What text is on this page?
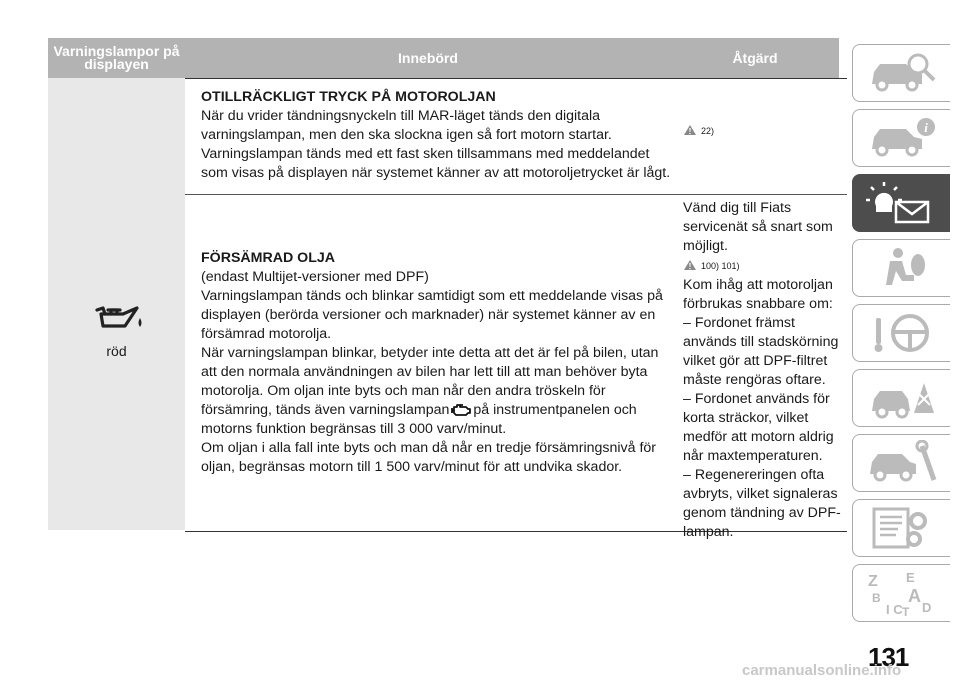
Varningslampor på displayen	Innebörd	Åtgärd
röd
OTILLRÄCKLIGT TRYCK PÅ MOTOROLJAN
När du vrider tändningsnyckeln till MAR-läget tänds den digitala varningslampan, men den ska slockna igen så fort motorn startar. Varningslampan tänds med ett fast sken tillsammans med meddelandet som visas på displayen när systemet känner av att motoroljetrycket är lågt.
22)
FÖRSÄMRAD OLJA
(endast Multijet-versioner med DPF)
Varningslampan tänds och blinkar samtidigt som ett meddelande visas på displayen (berörda versioner och marknader) när systemet känner av en försämrad motorolja.
När varningslampan blinkar, betyder inte detta att det är fel på bilen, utan att den normala användningen av bilen har lett till att man behöver byta motorolja. Om oljan inte byts och man når den andra tröskeln för försämring, tänds även varningslampan på instrumentpanelen och motorns funktion begränsas till 3 000 varv/minut.
Om oljan i alla fall inte byts och man då når en tredje försämringsnivå för oljan, begränsas motorn till 1 500 varv/minut för att undvika skador.
Vänd dig till Fiats servicenät så snart som möjligt.
100) 101)
Kom ihåg att motoroljan förbrukas snabbare om:
– Fordonet främst används till stadskörning vilket gör att DPF-filtret måste rengöras oftare.
– Fordonet används för korta sträckor, vilket medför att motorn aldrig når maxtemperaturen.
– Regenereringen ofta avbryts, vilket signaleras genom tändning av DPF-lampan.
i
Z E
B A
I C D
T
131
carmanualsonline.info
